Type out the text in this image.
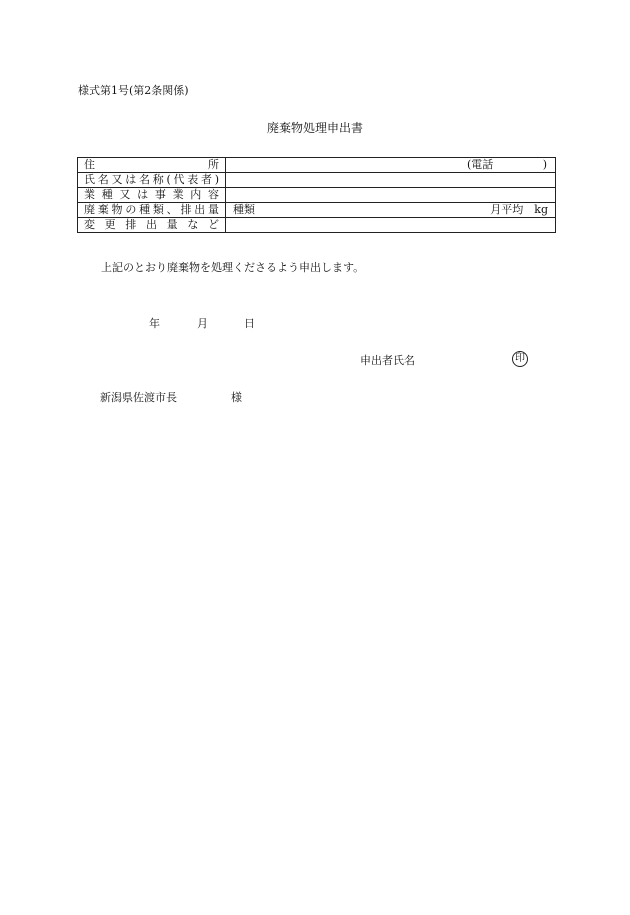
様式第1号(第2条関係)
廃棄物処理申出書
住所	(電話 )

氏名又は名称(代表者)	
業種又は事業内容	
廃棄物の種類、排出量	種類 月平均　kg

変更排出量など	
上記のとおり廃棄物を処理くださるよう申出します。
年	月	日
申出者氏名	印
新潟県佐渡市長	様
